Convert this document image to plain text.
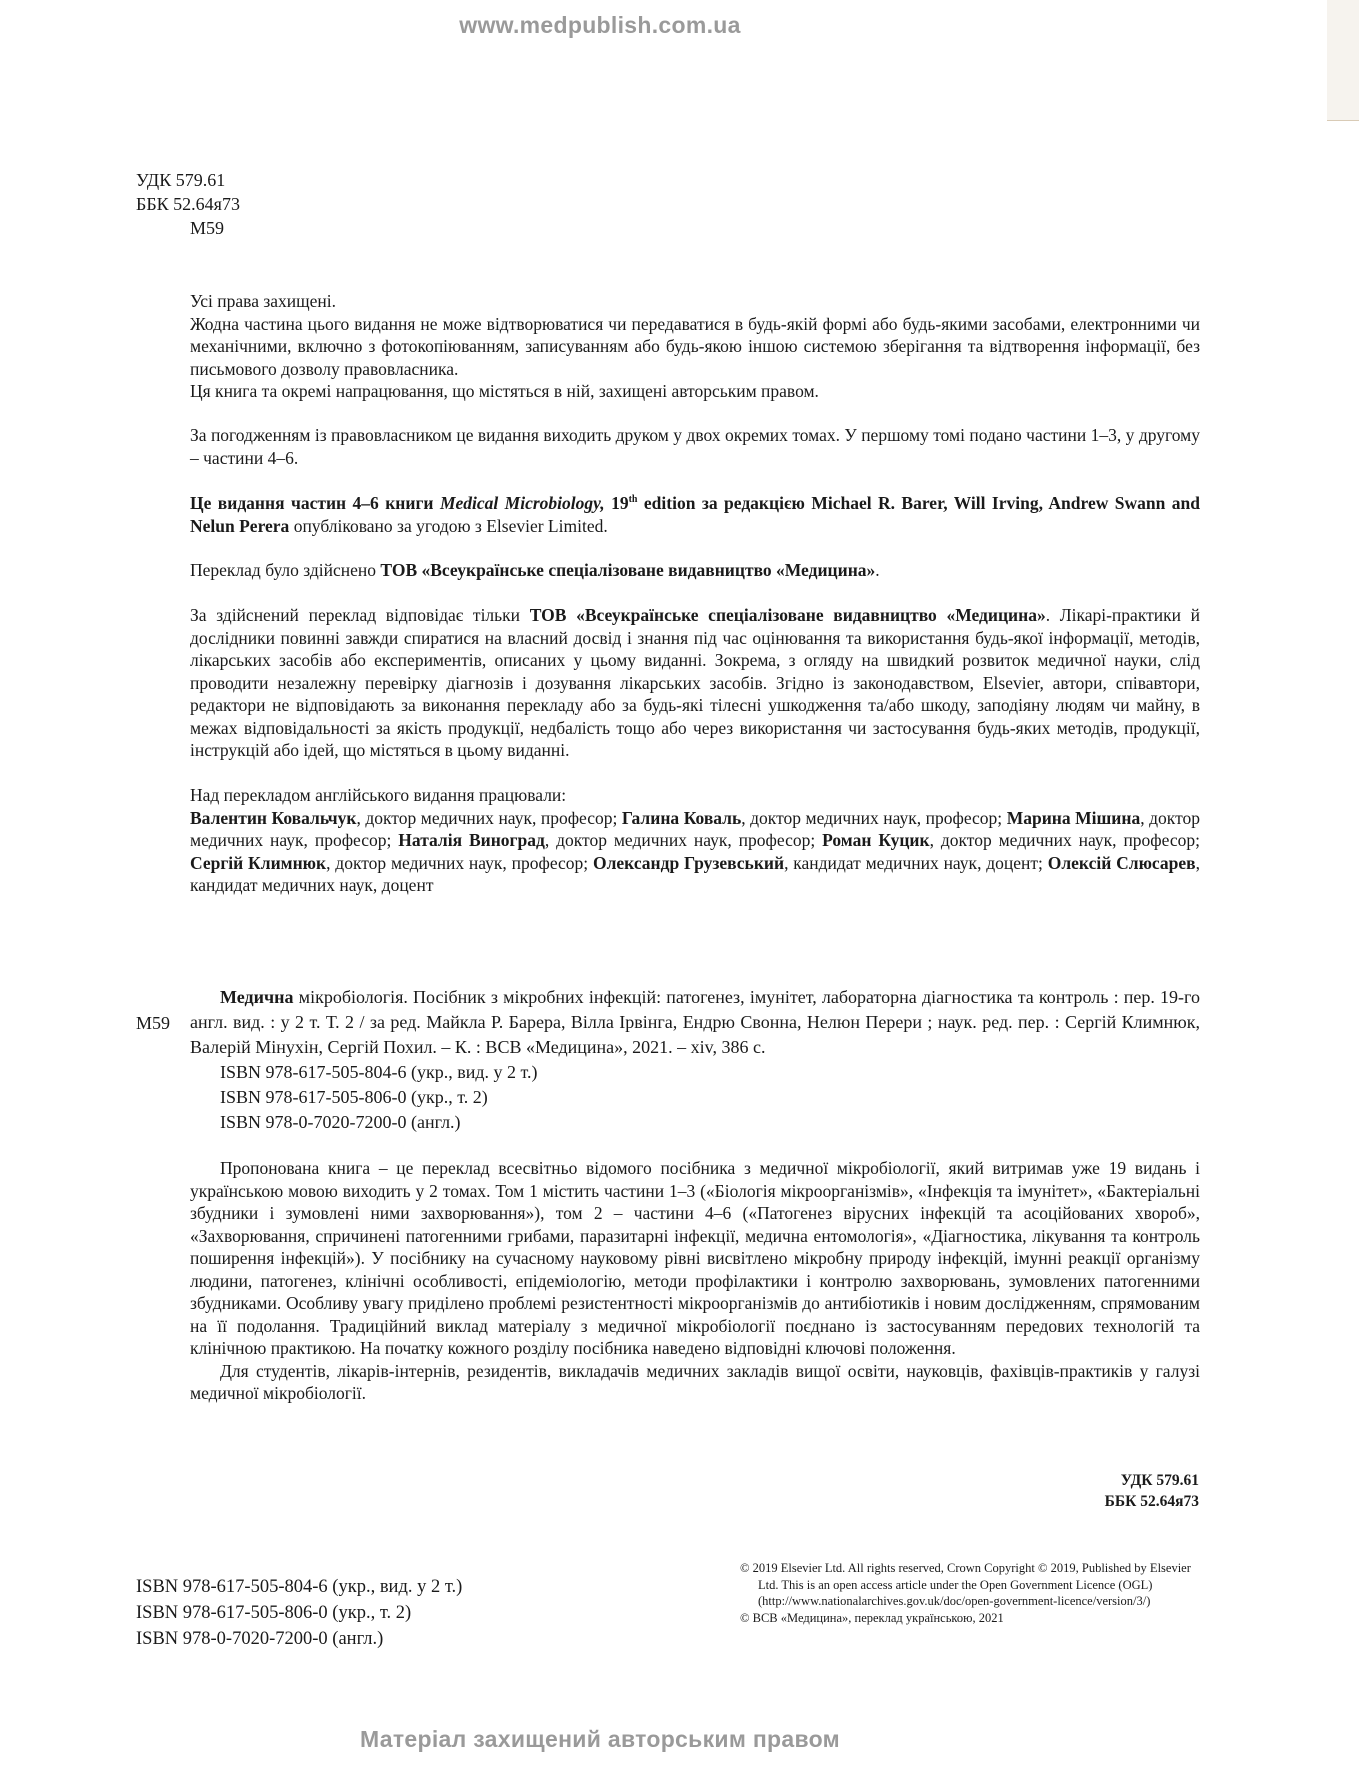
www.medpublish.com.ua
УДК 579.61
ББК 52.64я73
М59

Усі права захищені.

Жодна частина цього видання не може відтворюватися чи передаватися в будь-якій формі або будь-якими засобами, електронними чи механічними, включно з фотокопіюванням, записуванням або будь-якою іншою системою зберігання та відтворення інформації, без письмового дозволу правовласника.

Ця книга та окремі напрацювання, що містяться в ній, захищені авторським правом.

За погодженням із правовласником це видання виходить друком у двох окремих томах. У першому томі подано частини 1–3, у другому – частини 4–6.

Це видання частин 4–6 книги Medical Microbiology, 19th edition за редакцією Michael R. Barer, Will Irving, Andrew Swann and Nelun Perera опубліковано за угодою з Elsevier Limited.

Переклад було здійснено ТОВ «Всеукраїнське спеціалізоване видавництво «Медицина».

За здійснений переклад відповідає тільки ТОВ «Всеукраїнське спеціалізоване видавництво «Медицина». Лікарі-практики й дослідники повинні завжди спиратися на власний досвід і знання під час оцінювання та використання будь-якої інформації, методів, лікарських засобів або експериментів, описаних у цьому виданні. Зокрема, з огляду на швидкий розвиток медичної науки, слід проводити незалежну перевірку діагнозів і дозування лікарських засобів. Згідно із законодавством, Elsevier, автори, співавтори, редактори не відповідають за виконання перекладу або за будь-які тілесні ушкодження та/або шкоду, заподіяну людям чи майну, в межах відповідальності за якість продукції, недбалість тощо або через використання чи застосування будь-яких методів, продукції, інструкцій або ідей, що містяться в цьому виданні.

Над перекладом англійського видання працювали:

Валентин Ковальчук, доктор медичних наук, професор; Галина Коваль, доктор медичних наук, професор; Марина Мішина, доктор медичних наук, професор; Наталія Виноград, доктор медичних наук, професор; Роман Куцик, доктор медичних наук, професор; Сергій Климнюк, доктор медичних наук, професор; Олександр Грузевський, кандидат медичних наук, доцент; Олексій Слюсарев, кандидат медичних наук, доцент

М59

Медична мікробіологія. Посібник з мікробних інфекцій: патогенез, імунітет, лабораторна діагностика та контроль : пер. 19-го англ. вид. : у 2 т. Т. 2 / за ред. Майкла Р. Барера, Вілла Ірвінга, Ендрю Свонна, Нелюн Перери ; наук. ред. пер. : Сергій Климнюк, Валерій Мінухін, Сергій Похил. – К. : ВСВ «Медицина», 2021. – xiv, 386 с.

ISBN 978-617-505-804-6 (укр., вид. у 2 т.)

ISBN 978-617-505-806-0 (укр., т. 2)

ISBN 978-0-7020-7200-0 (англ.)

Пропонована книга – це переклад всесвітньо відомого посібника з медичної мікробіології, який витримав уже 19 видань і українською мовою виходить у 2 томах. Том 1 містить частини 1–3 («Біологія мікроорганізмів», «Інфекція та імунітет», «Бактеріальні збудники і зумовлені ними захворювання»), том 2 – частини 4–6 («Патогенез вірусних інфекцій та асоційованих хвороб», «Захворювання, спричинені патогенними грибами, паразитарні інфекції, медична ентомологія», «Діагностика, лікування та контроль поширення інфекцій»). У посібнику на сучасному науковому рівні висвітлено мікробну природу інфекцій, імунні реакції організму людини, патогенез, клінічні особливості, епідеміологію, методи профілактики і контролю захворювань, зумовлених патогенними збудниками. Особливу увагу приділено проблемі резистентності мікроорганізмів до антибіотиків і новим дослідженням, спрямованим на її подолання. Традиційний виклад матеріалу з медичної мікробіології поєднано із застосуванням передових технологій та клінічною практикою. На початку кожного розділу посібника наведено відповідні ключові положення.

Для студентів, лікарів-інтернів, резидентів, викладачів медичних закладів вищої освіти, науковців, фахівців-практиків у галузі медичної мікробіології.

УДК 579.61
ББК 52.64я73
ISBN 978-617-505-804-6 (укр., вид. у 2 т.)
ISBN 978-617-505-806-0 (укр., т. 2)
ISBN 978-0-7020-7200-0 (англ.)

© 2019 Elsevier Ltd. All rights reserved, Crown Copyright © 2019, Published by Elsevier Ltd. This is an open access article under the Open Government Licence (OGL) (http://www.nationalarchives.gov.uk/doc/open-government-licence/version/3/)

© ВСВ «Медицина», переклад українською, 2021

Матеріал захищений авторським правом
